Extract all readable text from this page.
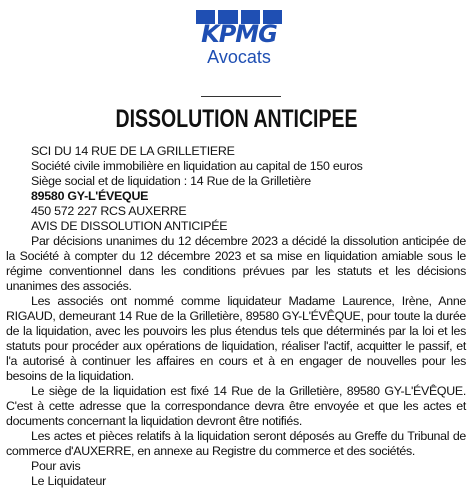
KPMG
Avocats
DISSOLUTION ANTICIPEE

SCI DU 14 RUE DE LA GRILLETIERE

Société civile immobilière en liquidation au capital de 150 euros

Siège social et de liquidation : 14 Rue de la Grilletière

89580 GY-L'ÉVEQUE

450 572 227 RCS AUXERRE

AVIS DE DISSOLUTION ANTICIPÉE

Par décisions unanimes du 12 décembre 2023 a décidé la dissolution anticipée de la Société à compter du 12 décembre 2023 et sa mise en liquidation amiable sous le régime conventionnel dans les conditions prévues par les statuts et les décisions unanimes des associés.

Les associés ont nommé comme liquidateur Madame Laurence, Irène, Anne RIGAUD, demeurant 14 Rue de la Grilletière, 89580 GY-L'ÉVÊQUE, pour toute la durée de la liquidation, avec les pouvoirs les plus étendus tels que déterminés par la loi et les statuts pour procéder aux opérations de liquidation, réaliser l'actif, acquitter le passif, et l'a autorisé à continuer les affaires en cours et à en engager de nouvelles pour les besoins de la liquidation.

Le siège de la liquidation est fixé 14 Rue de la Grilletière, 89580 GY-L'ÉVÊQUE. C'est à cette adresse que la correspondance devra être envoyée et que les actes et documents concernant la liquidation devront être notifiés.

Les actes et pièces relatifs à la liquidation seront déposés au Greffe du Tribunal de commerce d'AUXERRE, en annexe au Registre du commerce et des sociétés.

Pour avis

Le Liquidateur
